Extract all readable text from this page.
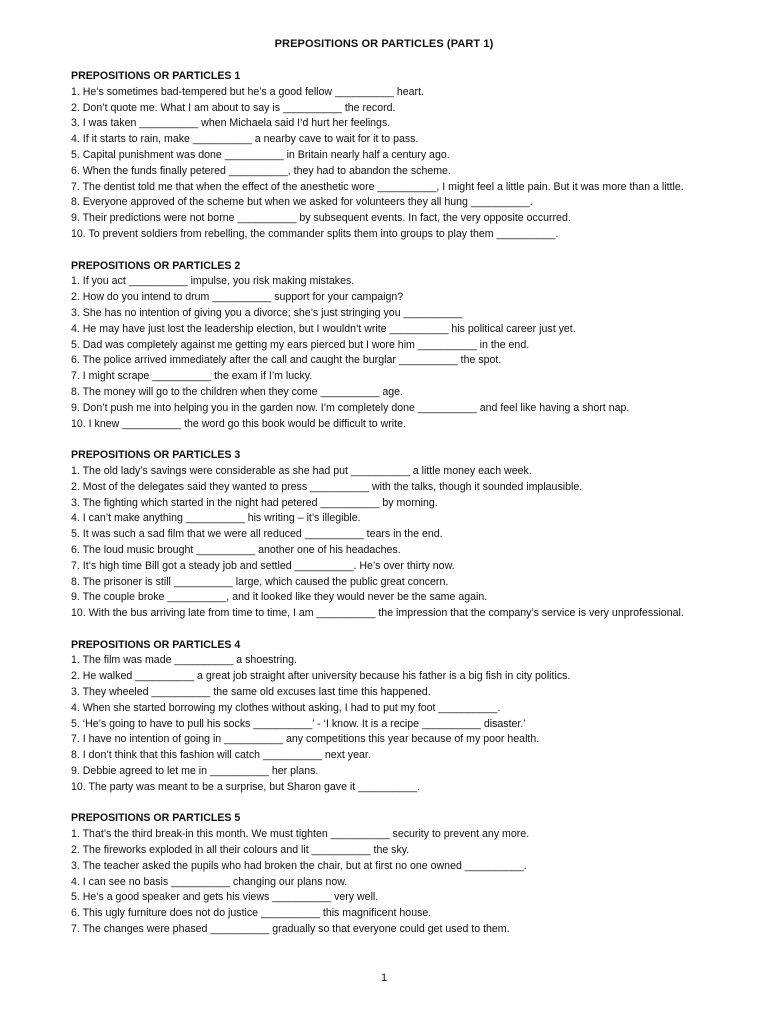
PREPOSITIONS OR PARTICLES (PART 1)
PREPOSITIONS OR PARTICLES 1
1. He’s sometimes bad-tempered but he’s a good fellow __________ heart.
2. Don’t quote me. What I am about to say is __________ the record.
3. I was taken __________ when Michaela said I’d hurt her feelings.
4. If it starts to rain, make __________ a nearby cave to wait for it to pass.
5. Capital punishment was done __________ in Britain nearly half a century ago.
6. When the funds finally petered __________, they had to abandon the scheme.
7. The dentist told me that when the effect of the anesthetic wore __________, I might feel a little pain. But it was more than a little.
8. Everyone approved of the scheme but when we asked for volunteers they all hung __________.
9. Their predictions were not borne __________ by subsequent events. In fact, the very opposite occurred.
10. To prevent soldiers from rebelling, the commander splits them into groups to play them __________.
PREPOSITIONS OR PARTICLES 2
1. If you act __________ impulse, you risk making mistakes.
2. How do you intend to drum __________ support for your campaign?
3. She has no intention of giving you a divorce; she’s just stringing you __________
4. He may have just lost the leadership election, but I wouldn’t write __________ his political career just yet.
5. Dad was completely against me getting my ears pierced but I wore him __________ in the end.
6. The police arrived immediately after the call and caught the burglar __________ the spot.
7. I might scrape __________ the exam if I’m lucky.
8. The money will go to the children when they come __________ age.
9. Don’t push me into helping you in the garden now. I’m completely done __________ and feel like having a short nap.
10. I knew __________ the word go this book would be difficult to write.
PREPOSITIONS OR PARTICLES 3
1. The old lady’s savings were considerable as she had put __________ a little money each week.
2. Most of the delegates said they wanted to press __________ with the talks, though it sounded implausible.
3. The fighting which started in the night had petered __________ by morning.
4. I can’t make anything __________ his writing – it’s illegible.
5. It was such a sad film that we were all reduced __________ tears in the end.
6. The loud music brought __________ another one of his headaches.
7. It’s high time Bill got a steady job and settled __________. He’s over thirty now.
8. The prisoner is still __________ large, which caused the public great concern.
9. The couple broke __________, and it looked like they would never be the same again.
10. With the bus arriving late from time to time, I am __________ the impression that the company’s service is very unprofessional.
PREPOSITIONS OR PARTICLES 4
1. The film was made __________ a shoestring.
2. He walked __________ a great job straight after university because his father is a big fish in city politics.
3. They wheeled __________ the same old excuses last time this happened.
4. When she started borrowing my clothes without asking, I had to put my foot __________.
5. ‘He’s going to have to pull his socks __________’ - ‘I know. It is a recipe __________ disaster.’
7. I have no intention of going in __________ any competitions this year because of my poor health.
8. I don’t think that this fashion will catch __________ next year.
9. Debbie agreed to let me in __________ her plans.
10. The party was meant to be a surprise, but Sharon gave it __________.
PREPOSITIONS OR PARTICLES 5
1. That’s the third break-in this month. We must tighten __________ security to prevent any more.
2. The fireworks exploded in all their colours and lit __________ the sky.
3. The teacher asked the pupils who had broken the chair, but at first no one owned __________.
4. I can see no basis __________ changing our plans now.
5. He’s a good speaker and gets his views __________ very well.
6. This ugly furniture does not do justice __________ this magnificent house.
7. The changes were phased __________ gradually so that everyone could get used to them.
1
